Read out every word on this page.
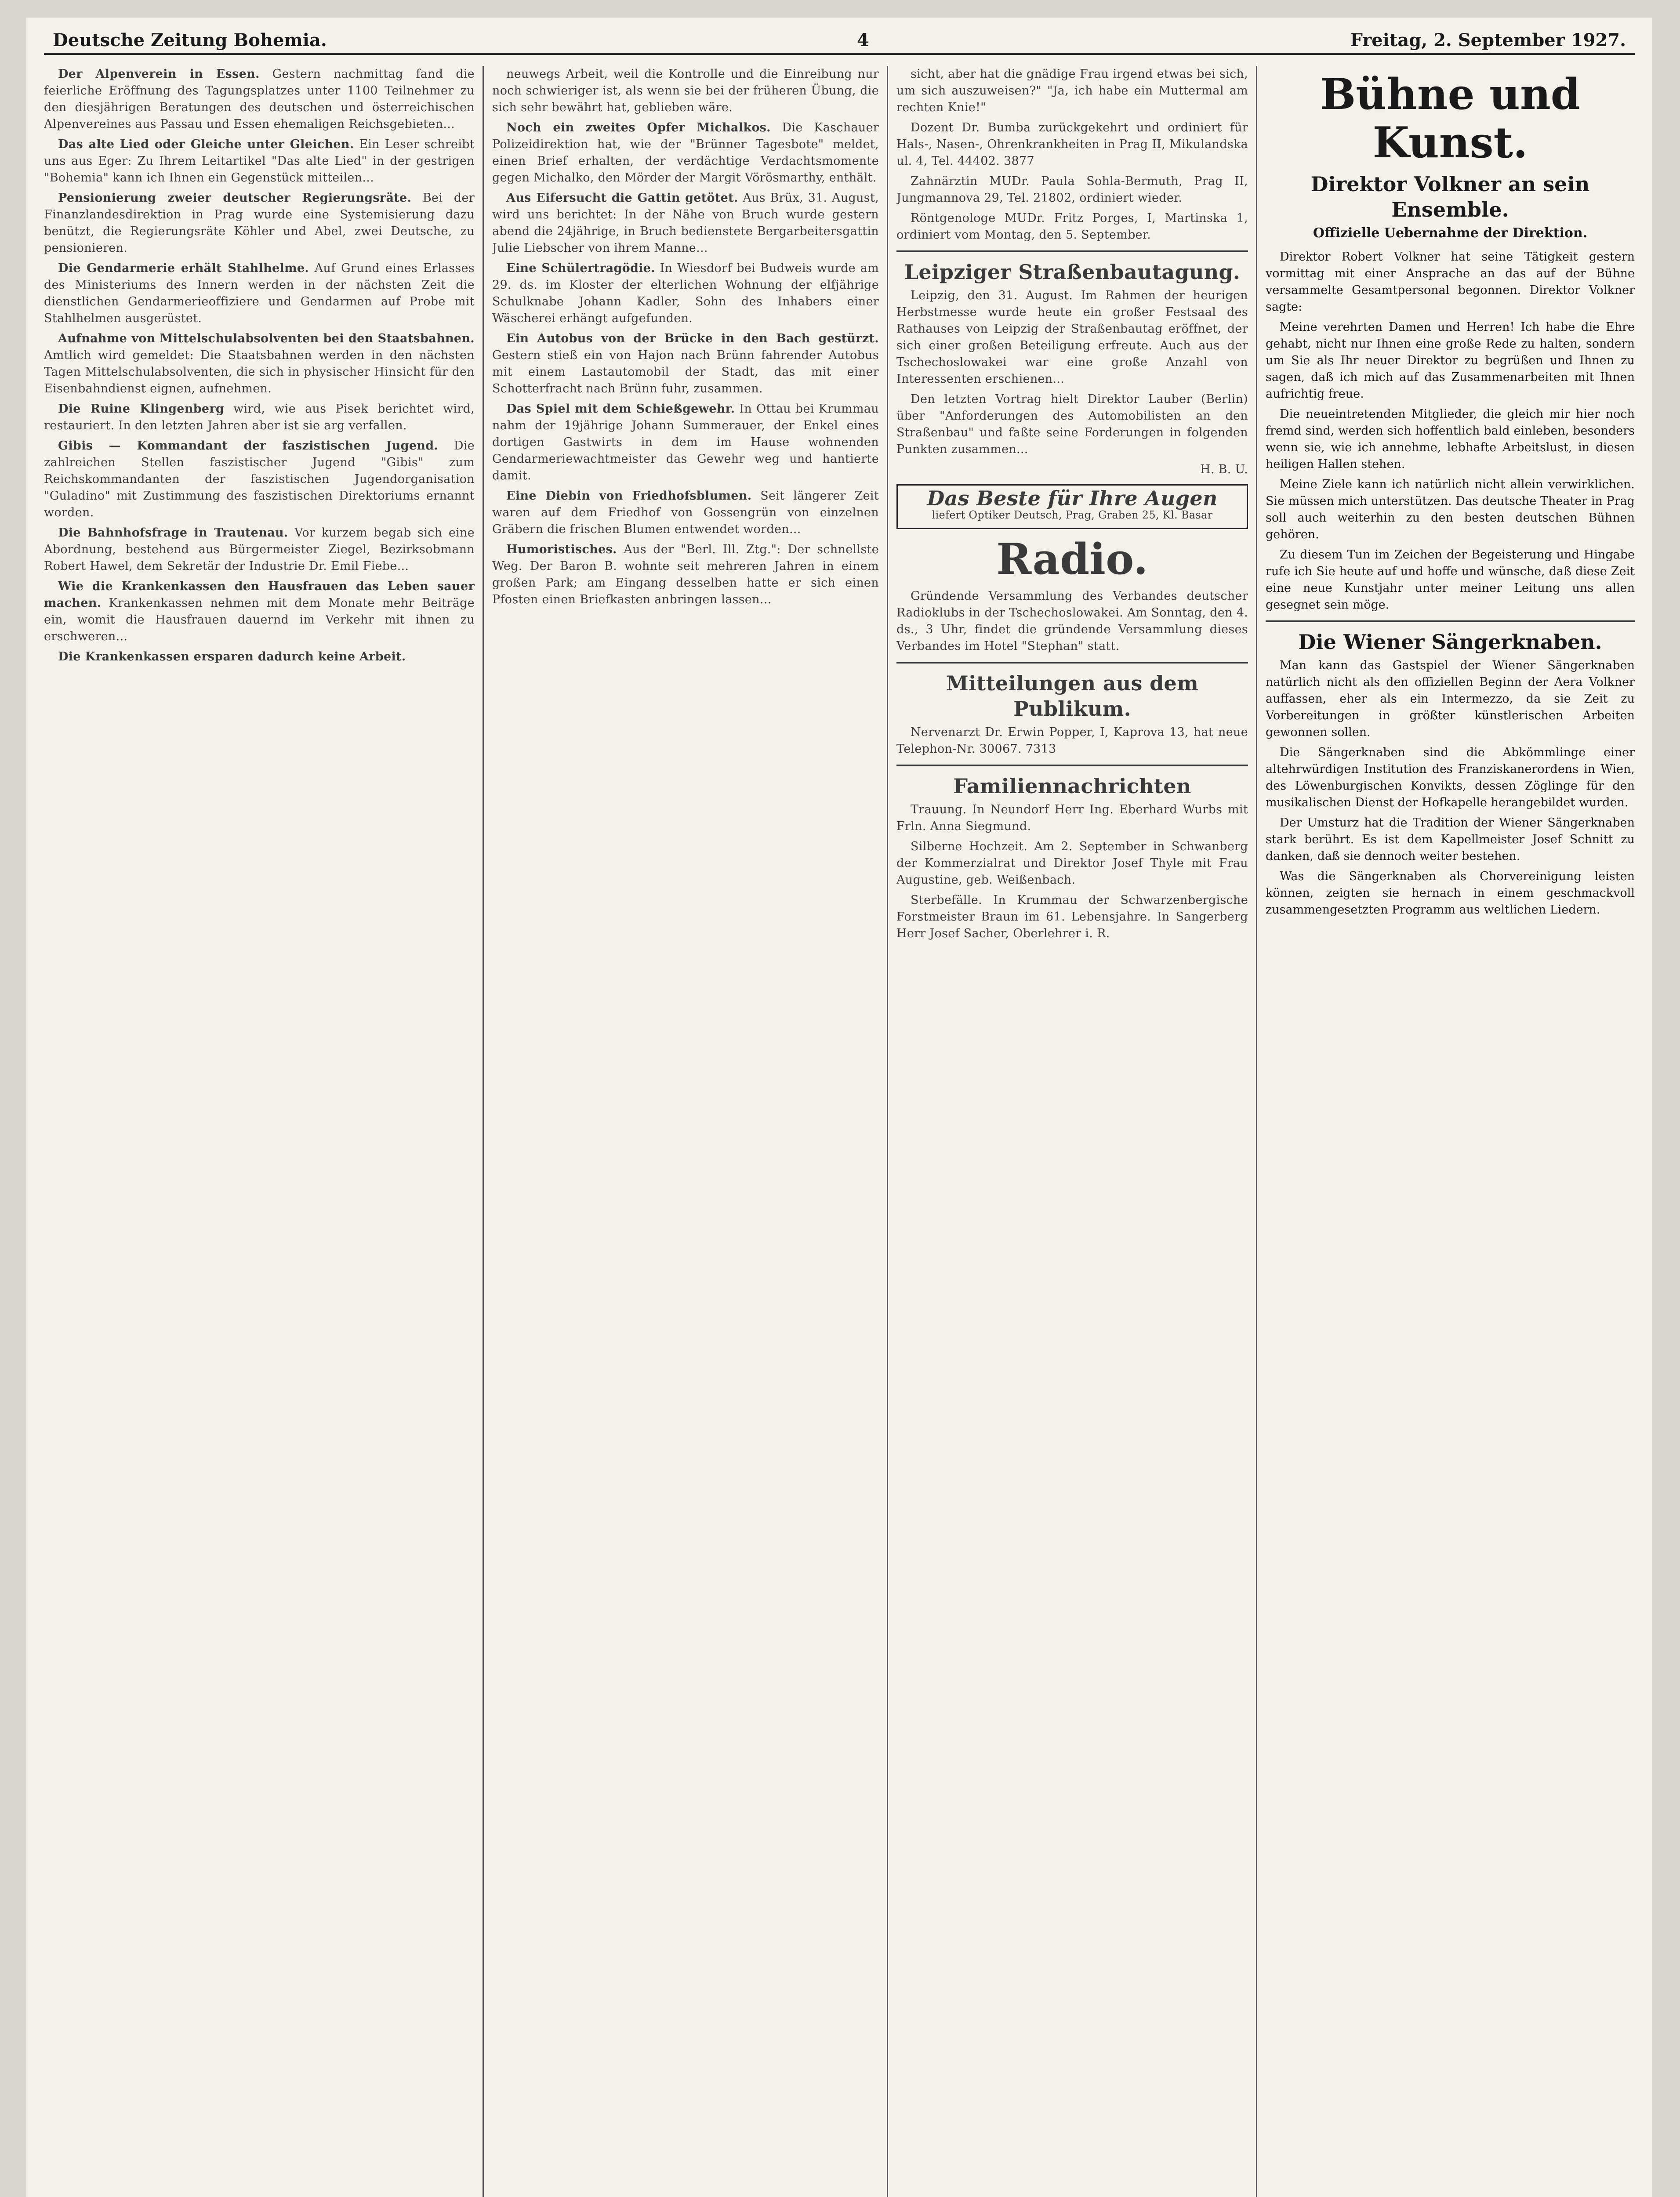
Deutsche Zeitung Bohemia.	4	Freitag, 2. September 1927.

Der Alpenverein in Essen. Gestern nachmittag fand die feierliche Eröffnung des Tagungsplatzes unter 1100 Teilnehmer zu den diesjährigen Beratungen des deutschen und österreichischen Alpenvereines aus Passau und Essen ehemaligen Reichsgebieten...

Das alte Lied oder Gleiche unter Gleichen. Ein Leser schreibt uns aus Eger: Zu Ihrem Leitartikel "Das alte Lied" in der gestrigen "Bohemia" kann ich Ihnen ein Gegenstück mitteilen...

Pensionierung zweier deutscher Regierungsräte. Bei der Finanzlandesdirektion in Prag wurde eine Systemisierung dazu benützt, die Regierungsräte Köhler und Abel, zwei Deutsche, zu pensionieren.

Die Gendarmerie erhält Stahlhelme. Auf Grund eines Erlasses des Ministeriums des Innern werden in der nächsten Zeit die dienstlichen Gendarmerieoffiziere und Gendarmen auf Probe mit Stahlhelmen ausgerüstet.

Aufnahme von Mittelschulabsolventen bei den Staatsbahnen. Amtlich wird gemeldet: Die Staatsbahnen werden in den nächsten Tagen Mittelschulabsolventen, die sich in physischer Hinsicht für den Eisenbahndienst eignen, aufnehmen.

Die Ruine Klingenberg wird, wie aus Pisek berichtet wird, restauriert. In den letzten Jahren aber ist sie arg verfallen.

Gibis — Kommandant der faszistischen Jugend. Die zahlreichen Stellen faszistischer Jugend "Gibis" zum Reichskommandanten der faszistischen Jugendorganisation "Guladino" mit Zustimmung des faszistischen Direktoriums ernannt worden.

Die Bahnhofsfrage in Trautenau. Vor kurzem begab sich eine Abordnung, bestehend aus Bürgermeister Ziegel, Bezirksobmann Robert Hawel, dem Sekretär der Industrie Dr. Emil Fiebe...

Wie die Krankenkassen den Hausfrauen das Leben sauer machen. Krankenkassen nehmen mit dem Monate mehr Beiträge ein, womit die Hausfrauen dauernd im Verkehr mit ihnen zu erschweren...

Die Krankenkassen ersparen dadurch keine Arbeit.

neuwegs Arbeit, weil die Kontrolle und die Einreibung nur noch schwieriger ist, als wenn sie bei der früheren Übung, die sich sehr bewährt hat, geblieben wäre.

Noch ein zweites Opfer Michalkos. Die Kaschauer Polizeidirektion hat, wie der "Brünner Tagesbote" meldet, einen Brief erhalten, der verdächtige Verdachtsmomente gegen Michalko, den Mörder der Margit Vörösmarthy, enthält.

Aus Eifersucht die Gattin getötet. Aus Brüx, 31. August, wird uns berichtet: In der Nähe von Bruch wurde gestern abend die 24jährige, in Bruch bedienstete Bergarbeitersgattin Julie Liebscher von ihrem Manne...

Eine Schülertragödie. In Wiesdorf bei Budweis wurde am 29. ds. im Kloster der elterlichen Wohnung der elfjährige Schulknabe Johann Kadler, Sohn des Inhabers einer Wäscherei erhängt aufgefunden.

Ein Autobus von der Brücke in den Bach gestürzt. Gestern stieß ein von Hajon nach Brünn fahrender Autobus mit einem Lastautomobil der Stadt, das mit einer Schotterfracht nach Brünn fuhr, zusammen.

Das Spiel mit dem Schießgewehr. In Ottau bei Krummau nahm der 19jährige Johann Summerauer, der Enkel eines dortigen Gastwirts in dem im Hause wohnenden Gendarmeriewachtmeister das Gewehr weg und hantierte damit.

Eine Diebin von Friedhofsblumen. Seit längerer Zeit waren auf dem Friedhof von Gossengrün von einzelnen Gräbern die frischen Blumen entwendet worden...

Humoristisches. Aus der "Berl. Ill. Ztg.": Der schnellste Weg. Der Baron B. wohnte seit mehreren Jahren in einem großen Park; am Eingang desselben hatte er sich einen Pfosten einen Briefkasten anbringen lassen...

sicht, aber hat die gnädige Frau irgend etwas bei sich, um sich auszuweisen?" "Ja, ich habe ein Muttermal am rechten Knie!"

Dozent Dr. Bumba zurückgekehrt und ordiniert für Hals-, Nasen-, Ohrenkrankheiten in Prag II, Mikulandska ul. 4, Tel. 44402. 3877

Zahnärztin MUDr. Paula Sohla-Bermuth, Prag II, Jungmannova 29, Tel. 21802, ordiniert wieder.

Röntgenologe MUDr. Fritz Porges, I, Martinska 1, ordiniert vom Montag, den 5. September.

Leipziger Straßenbautagung.

Leipzig, den 31. August. Im Rahmen der heurigen Herbstmesse wurde heute ein großer Festsaal des Rathauses von Leipzig der Straßenbautag eröffnet, der sich einer großen Beteiligung erfreute. Auch aus der Tschechoslowakei war eine große Anzahl von Interessenten erschienen...

Den letzten Vortrag hielt Direktor Lauber (Berlin) über "Anforderungen des Automobilisten an den Straßenbau" und faßte seine Forderungen in folgenden Punkten zusammen...

H. B. U.

Das Beste für Ihre Augen
liefert Optiker Deutsch, Prag, Graben 25, Kl. Basar
Radio.

Gründende Versammlung des Verbandes deutscher Radioklubs in der Tschechoslowakei. Am Sonntag, den 4. ds., 3 Uhr, findet die gründende Versammlung dieses Verbandes im Hotel "Stephan" statt.

Mitteilungen aus dem Publikum.

Nervenarzt Dr. Erwin Popper, I, Kaprova 13, hat neue Telephon-Nr. 30067. 7313

Familiennachrichten

Trauung. In Neundorf Herr Ing. Eberhard Wurbs mit Frln. Anna Siegmund.

Silberne Hochzeit. Am 2. September in Schwanberg der Kommerzialrat und Direktor Josef Thyle mit Frau Augustine, geb. Weißenbach.

Sterbefälle. In Krummau der Schwarzenbergische Forstmeister Braun im 61. Lebensjahre. In Sangerberg Herr Josef Sacher, Oberlehrer i. R.

Bühne und Kunst.
Direktor Volkner an sein Ensemble.
Offizielle Uebernahme der Direktion.

Direktor Robert Volkner hat seine Tätigkeit gestern vormittag mit einer Ansprache an das auf der Bühne versammelte Gesamtpersonal begonnen. Direktor Volkner sagte:

Meine verehrten Damen und Herren! Ich habe die Ehre gehabt, nicht nur Ihnen eine große Rede zu halten, sondern um Sie als Ihr neuer Direktor zu begrüßen und Ihnen zu sagen, daß ich mich auf das Zusammenarbeiten mit Ihnen aufrichtig freue.

Die neueintretenden Mitglieder, die gleich mir hier noch fremd sind, werden sich hoffentlich bald einleben, besonders wenn sie, wie ich annehme, lebhafte Arbeitslust, in diesen heiligen Hallen stehen.

Meine Ziele kann ich natürlich nicht allein verwirklichen. Sie müssen mich unterstützen. Das deutsche Theater in Prag soll auch weiterhin zu den besten deutschen Bühnen gehören.

Zu diesem Tun im Zeichen der Begeisterung und Hingabe rufe ich Sie heute auf und hoffe und wünsche, daß diese Zeit eine neue Kunstjahr unter meiner Leitung uns allen gesegnet sein möge.

Die Wiener Sängerknaben.

Man kann das Gastspiel der Wiener Sängerknaben natürlich nicht als den offiziellen Beginn der Aera Volkner auffassen, eher als ein Intermezzo, da sie Zeit zu Vorbereitungen in größter künstlerischen Arbeiten gewonnen sollen.

Die Sängerknaben sind die Abkömmlinge einer altehrwürdigen Institution des Franziskanerordens in Wien, des Löwenburgischen Konvikts, dessen Zöglinge für den musikalischen Dienst der Hofkapelle herangebildet wurden.

Der Umsturz hat die Tradition der Wiener Sängerknaben stark berührt. Es ist dem Kapellmeister Josef Schnitt zu danken, daß sie dennoch weiter bestehen.

Was die Sängerknaben als Chorvereinigung leisten können, zeigten sie hernach in einem geschmackvoll zusammengesetzten Programm aus weltlichen Liedern.
